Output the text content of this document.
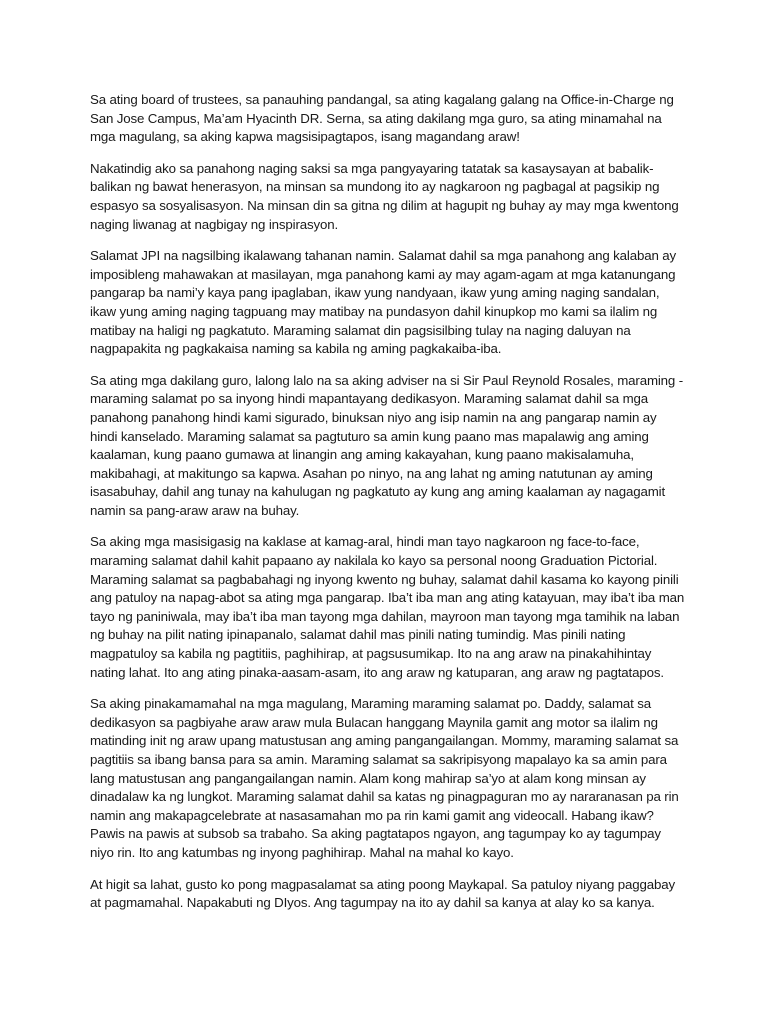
Sa ating board of trustees, sa panauhing pandangal, sa ating kagalang galang na Office-in-Charge ng San Jose Campus, Ma’am Hyacinth DR. Serna, sa ating dakilang mga guro, sa ating minamahal na mga magulang, sa aking kapwa magsisipagtapos, isang magandang araw!

Nakatindig ako sa panahong naging saksi sa mga pangyayaring tatatak sa kasaysayan at babalik-balikan ng bawat henerasyon, na minsan sa mundong ito ay nagkaroon ng pagbagal at pagsikip ng espasyo sa sosyalisasyon. Na minsan din sa gitna ng dilim at hagupit ng buhay ay may mga kwentong naging liwanag at nagbigay ng inspirasyon.

Salamat JPI na nagsilbing ikalawang tahanan namin. Salamat dahil sa mga panahong ang kalaban ay imposibleng mahawakan at masilayan, mga panahong kami ay may agam-agam at mga katanungang pangarap ba nami’y kaya pang ipaglaban, ikaw yung nandyaan, ikaw yung aming naging sandalan, ikaw yung aming naging tagpuang may matibay na pundasyon dahil kinupkop mo kami sa ilalim ng matibay na haligi ng pagkatuto. Maraming salamat din pagsisilbing tulay na naging daluyan na nagpapakita ng pagkakaisa naming sa kabila ng aming pagkakaiba-iba.

Sa ating mga dakilang guro, lalong lalo na sa aking adviser na si Sir Paul Reynold Rosales, maraming - maraming salamat po sa inyong hindi mapantayang dedikasyon. Maraming salamat dahil sa mga panahong panahong hindi kami sigurado, binuksan niyo ang isip namin na ang pangarap namin ay hindi kanselado. Maraming salamat sa pagtuturo sa amin kung paano mas mapalawig ang aming kaalaman, kung paano gumawa at linangin ang aming kakayahan, kung paano makisalamuha, makibahagi, at makitungo sa kapwa. Asahan po ninyo, na ang lahat ng aming natutunan ay aming isasabuhay, dahil ang tunay na kahulugan ng pagkatuto ay kung ang aming kaalaman ay nagagamit namin sa pang-araw araw na buhay.

Sa aking mga masisigasig na kaklase at kamag-aral, hindi man tayo nagkaroon ng face-to-face, maraming salamat dahil kahit papaano ay nakilala ko kayo sa personal noong Graduation Pictorial. Maraming salamat sa pagbabahagi ng inyong kwento ng buhay, salamat dahil kasama ko kayong pinili ang patuloy na napag-abot sa ating mga pangarap. Iba’t iba man ang ating katayuan, may iba’t iba man tayo ng paniniwala, may iba’t iba man tayong mga dahilan, mayroon man tayong mga tamihik na laban ng buhay na pilit nating ipinapanalo, salamat dahil mas pinili nating tumindig. Mas pinili nating magpatuloy sa kabila ng pagtitiis, paghihirap, at pagsusumikap. Ito na ang araw na pinakahihintay nating lahat. Ito ang ating pinaka-aasam-asam, ito ang araw ng katuparan, ang araw ng pagtatapos.

Sa aking pinakamamahal na mga magulang, Maraming maraming salamat po. Daddy, salamat sa dedikasyon sa pagbiyahe araw araw mula Bulacan hanggang Maynila gamit ang motor sa ilalim ng matinding init ng araw upang matustusan ang aming pangangailangan. Mommy, maraming salamat sa pagtitiis sa ibang bansa para sa amin. Maraming salamat sa sakripisyong mapalayo ka sa amin para lang matustusan ang pangangailangan namin. Alam kong mahirap sa’yo at alam kong minsan ay dinadalaw ka ng lungkot. Maraming salamat dahil sa katas ng pinagpaguran mo ay nararanasan pa rin namin ang makapagcelebrate at nasasamahan mo pa rin kami gamit ang videocall. Habang ikaw? Pawis na pawis at subsob sa trabaho. Sa aking pagtatapos ngayon, ang tagumpay ko ay tagumpay niyo rin. Ito ang katumbas ng inyong paghihirap. Mahal na mahal ko kayo.

At higit sa lahat, gusto ko pong magpasalamat sa ating poong Maykapal. Sa patuloy niyang paggabay at pagmamahal. Napakabuti ng DIyos. Ang tagumpay na ito ay dahil sa kanya at alay ko sa kanya.
